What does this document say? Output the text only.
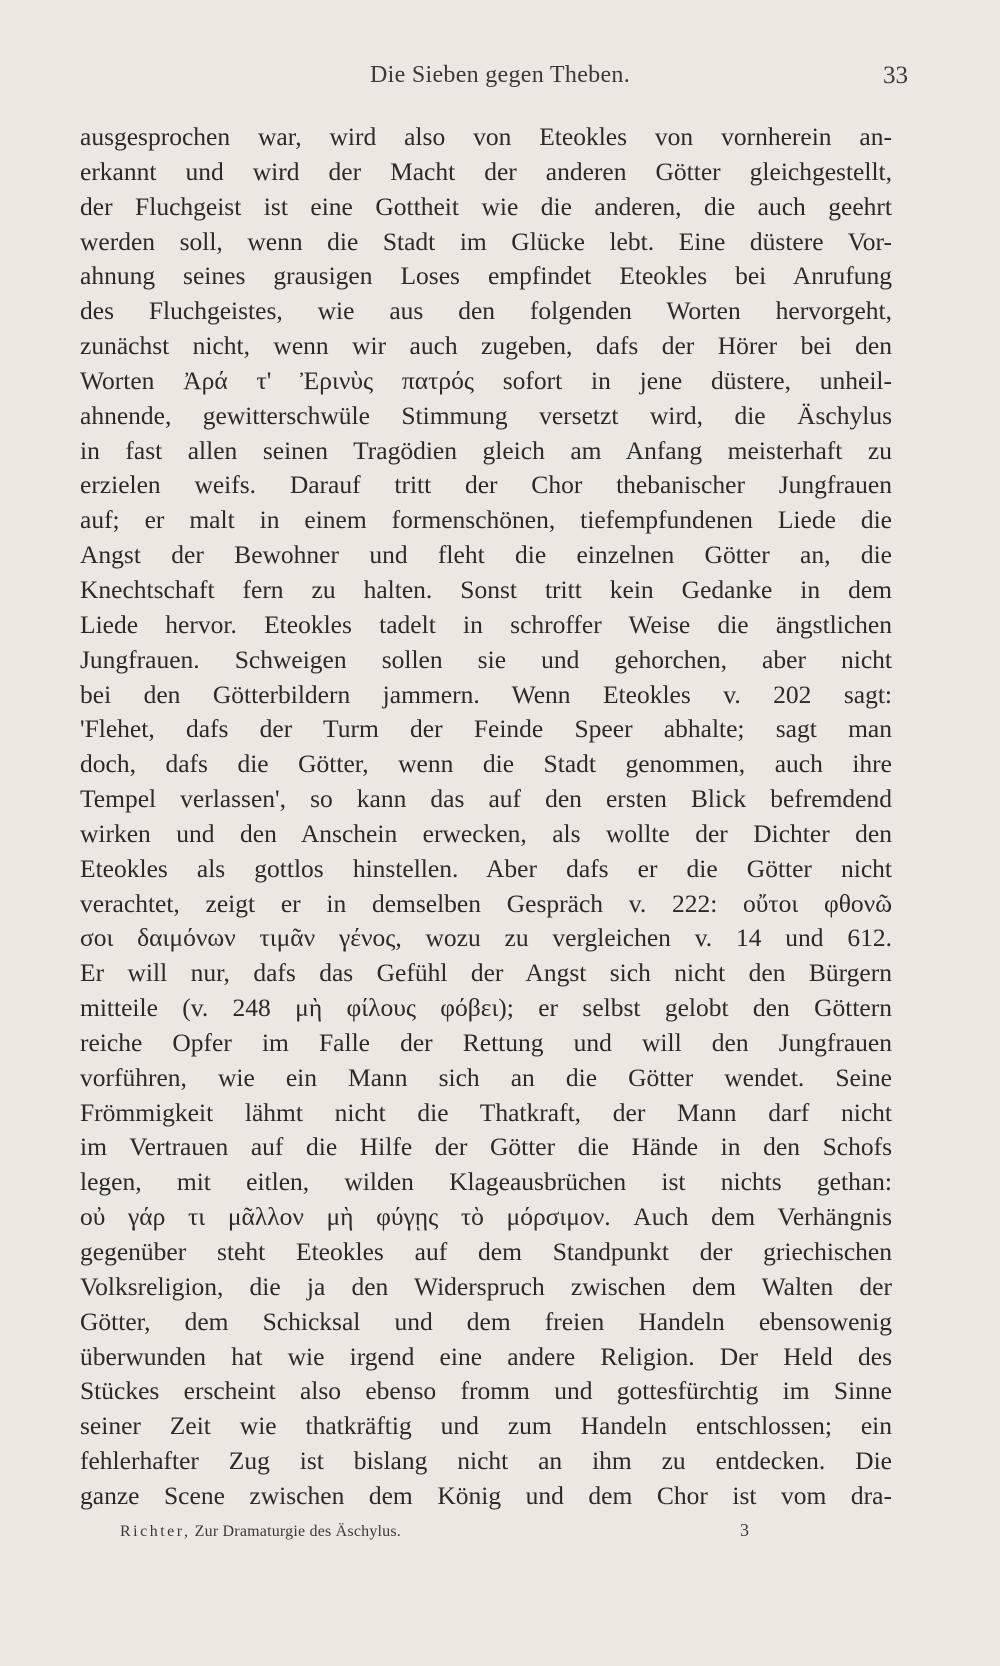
Die Sieben gegen Theben.	33
ausgesprochen war, wird also von Eteokles von vornherein an-
erkannt und wird der Macht der anderen Götter gleichgestellt,
der Fluchgeist ist eine Gottheit wie die anderen, die auch geehrt
werden soll, wenn die Stadt im Glücke lebt. Eine düstere Vor-
ahnung seines grausigen Loses empfindet Eteokles bei Anrufung
des Fluchgeistes, wie aus den folgenden Worten hervorgeht,
zunächst nicht, wenn wir auch zugeben, dafs der Hörer bei den
Worten Ἀρά τ' Ἐρινὺς πατρός sofort in jene düstere, unheil-
ahnende, gewitterschwüle Stimmung versetzt wird, die Äschylus
in fast allen seinen Tragödien gleich am Anfang meisterhaft zu
erzielen weifs. Darauf tritt der Chor thebanischer Jungfrauen
auf; er malt in einem formenschönen, tiefempfundenen Liede die
Angst der Bewohner und fleht die einzelnen Götter an, die
Knechtschaft fern zu halten. Sonst tritt kein Gedanke in dem
Liede hervor. Eteokles tadelt in schroffer Weise die ängstlichen
Jungfrauen. Schweigen sollen sie und gehorchen, aber nicht
bei den Götterbildern jammern. Wenn Eteokles v. 202 sagt:
'Flehet, dafs der Turm der Feinde Speer abhalte; sagt man
doch, dafs die Götter, wenn die Stadt genommen, auch ihre
Tempel verlassen', so kann das auf den ersten Blick befremdend
wirken und den Anschein erwecken, als wollte der Dichter den
Eteokles als gottlos hinstellen. Aber dafs er die Götter nicht
verachtet, zeigt er in demselben Gespräch v. 222: οὔτοι φθονῶ
σοι δαιμόνων τιμᾶν γένος, wozu zu vergleichen v. 14 und 612.
Er will nur, dafs das Gefühl der Angst sich nicht den Bürgern
mitteile (v. 248 μὴ φίλους φόβει); er selbst gelobt den Göttern
reiche Opfer im Falle der Rettung und will den Jungfrauen
vorführen, wie ein Mann sich an die Götter wendet. Seine
Frömmigkeit lähmt nicht die Thatkraft, der Mann darf nicht
im Vertrauen auf die Hilfe der Götter die Hände in den Schofs
legen, mit eitlen, wilden Klageausbrüchen ist nichts gethan:
οὐ γάρ τι μᾶλλον μὴ φύγῃς τὸ μόρσιμον. Auch dem Verhängnis
gegenüber steht Eteokles auf dem Standpunkt der griechischen
Volksreligion, die ja den Widerspruch zwischen dem Walten der
Götter, dem Schicksal und dem freien Handeln ebensowenig
überwunden hat wie irgend eine andere Religion. Der Held des
Stückes erscheint also ebenso fromm und gottesfürchtig im Sinne
seiner Zeit wie thatkräftig und zum Handeln entschlossen; ein
fehlerhafter Zug ist bislang nicht an ihm zu entdecken. Die
ganze Scene zwischen dem König und dem Chor ist vom dra-
Richter, Zur Dramaturgie des Äschylus.	3
